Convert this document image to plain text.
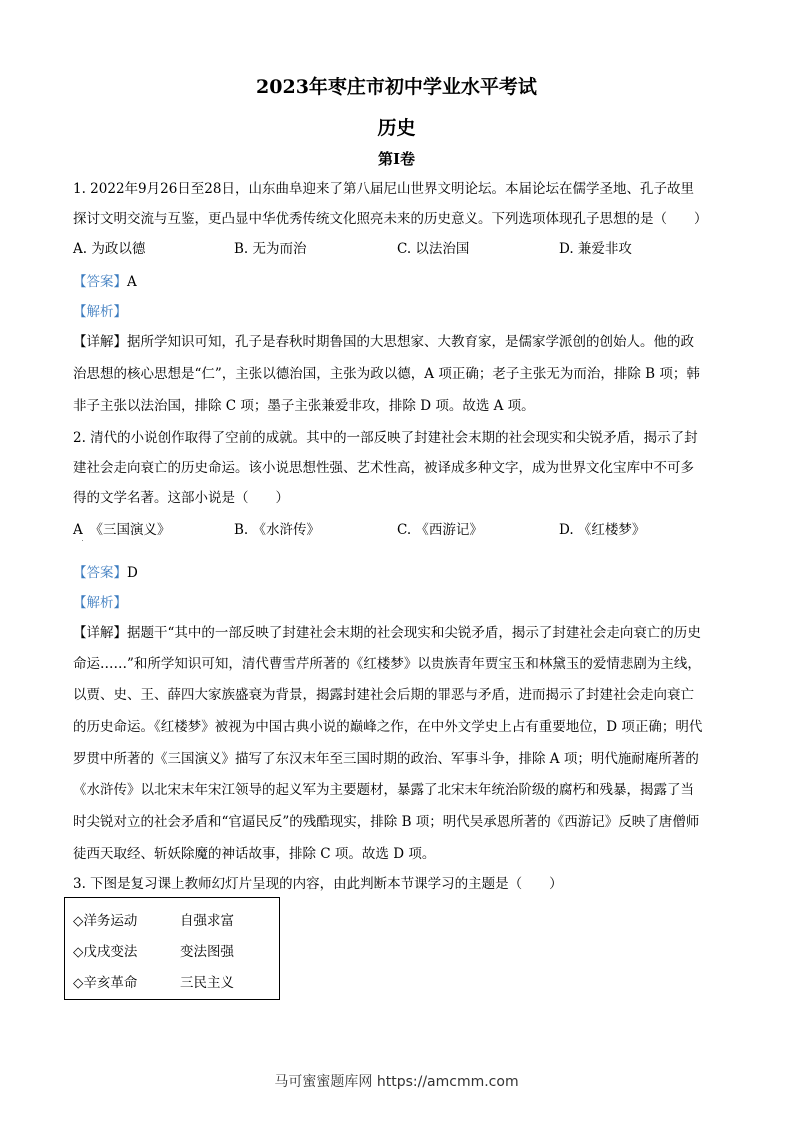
2023年枣庄市初中学业水平考试
历史
第Ⅰ卷
1. 2022年9月26日至28日，山东曲阜迎来了第八届尼山世界文明论坛。本届论坛在儒学圣地、孔子故里
探讨文明交流与互鉴，更凸显中华优秀传统文化照亮未来的历史意义。下列选项体现孔子思想的是（　　）
A. 为政以德	B. 无为而治	C. 以法治国	D. 兼爱非攻
【答案】A
【解析】
【详解】据所学知识可知，孔子是春秋时期鲁国的大思想家、大教育家，是儒家学派创的创始人。他的政
治思想的核心思想是“仁”，主张以德治国，主张为政以德，A 项正确；老子主张无为而治，排除 B 项；韩
非子主张以法治国，排除 C 项；墨子主张兼爱非攻，排除 D 项。故选 A 项。
2. 清代的小说创作取得了空前的成就。其中的一部反映了封建社会末期的社会现实和尖锐矛盾，揭示了封
建社会走向衰亡的历史命运。该小说思想性强、艺术性高，被译成多种文字，成为世界文化宝库中不可多
得的文学名著。这部小说是（　　）
A　《三国演义》	B. 《水浒传》	C. 《西游记》	D. 《红楼梦》
【答案】D
【解析】
【详解】据题干“其中的一部反映了封建社会末期的社会现实和尖锐矛盾，揭示了封建社会走向衰亡的历史
命运……”和所学知识可知，清代曹雪芹所著的《红楼梦》以贵族青年贾宝玉和林黛玉的爱情悲剧为主线，
以贾、史、王、薛四大家族盛衰为背景，揭露封建社会后期的罪恶与矛盾，进而揭示了封建社会走向衰亡
的历史命运。《红楼梦》被视为中国古典小说的巅峰之作，在中外文学史上占有重要地位，D 项正确；明代
罗贯中所著的《三国演义》描写了东汉末年至三国时期的政治、军事斗争，排除 A 项；明代施耐庵所著的
《水浒传》以北宋末年宋江领导的起义军为主要题材，暴露了北宋末年统治阶级的腐朽和残暴，揭露了当
时尖锐对立的社会矛盾和“官逼民反”的残酷现实，排除 B 项；明代吴承恩所著的《西游记》反映了唐僧师
徒西天取经、斩妖除魔的神话故事，排除 C 项。故选 D 项。
3. 下图是复习课上教师幻灯片呈现的内容，由此判断本节课学习的主题是（　　）
◇洋务运动	自强求富
◇戊戌变法	变法图强
◇辛亥革命	三民主义
马可蜜蜜题库网 https://amcmm.com
